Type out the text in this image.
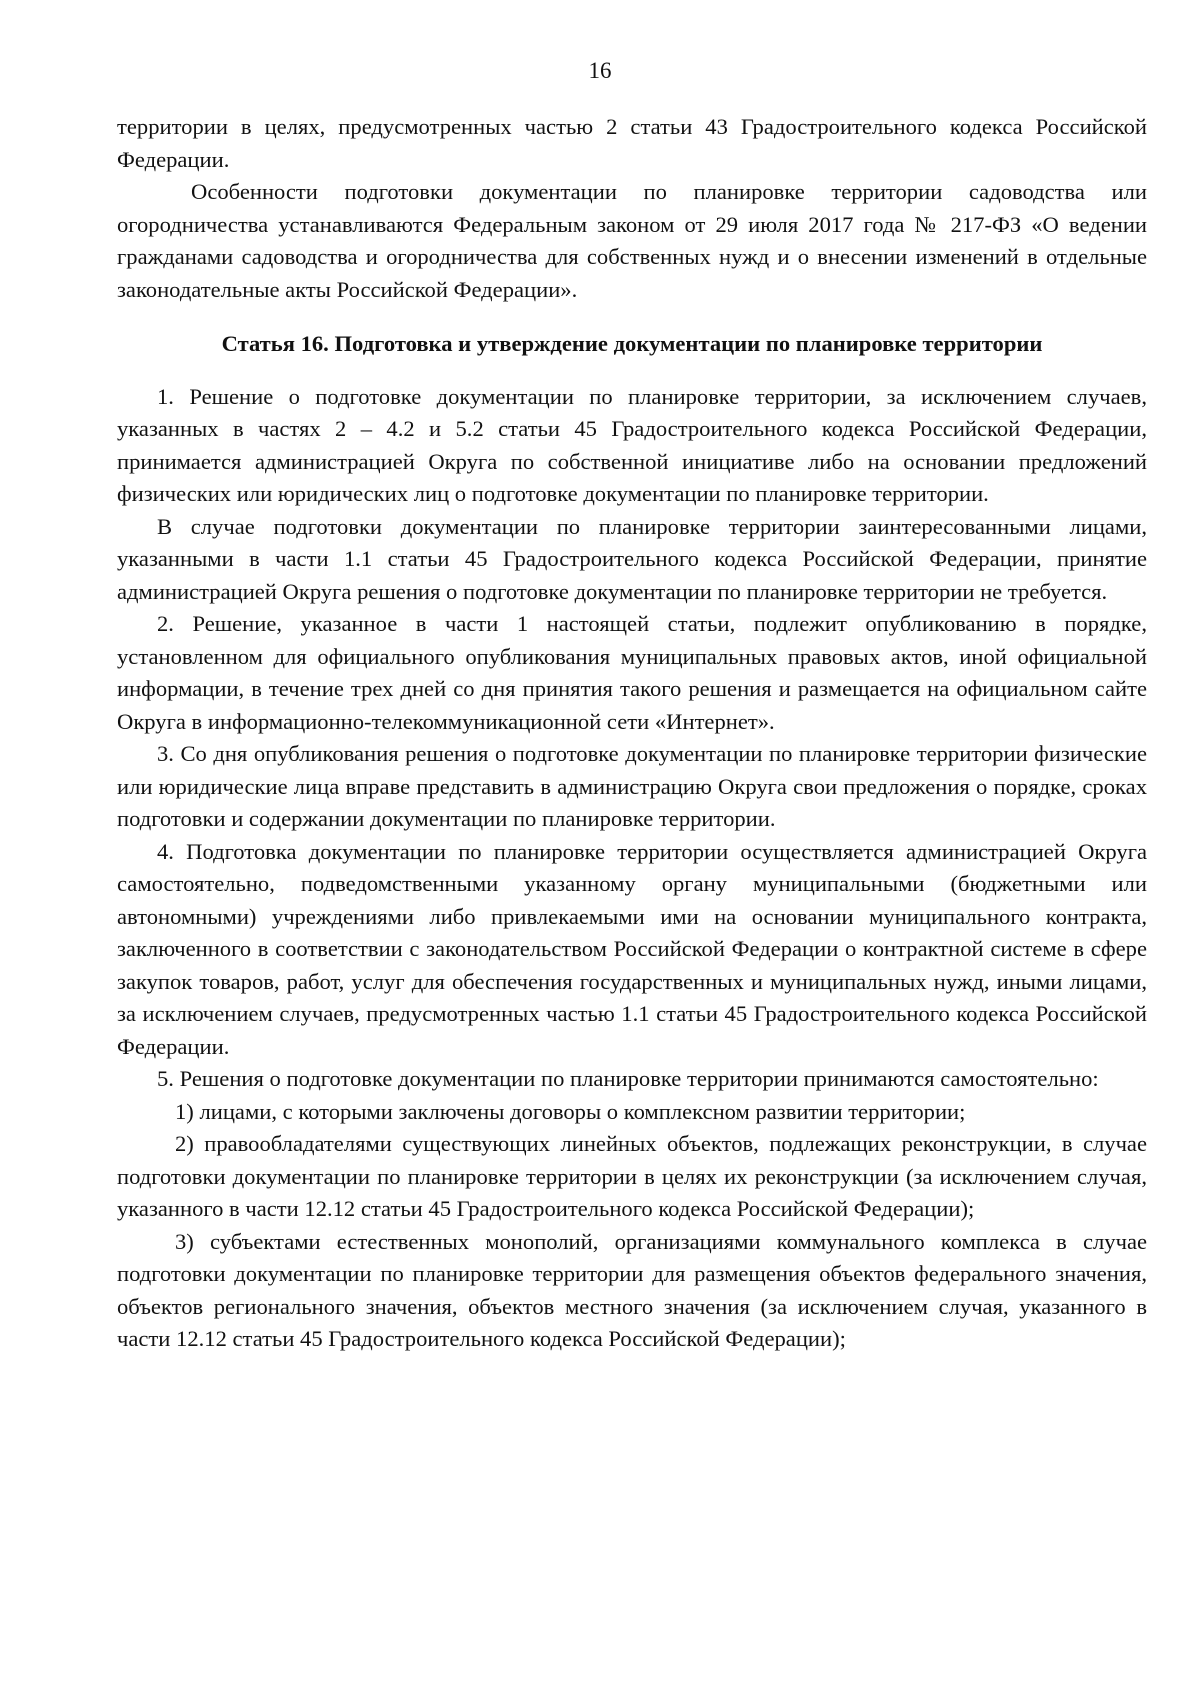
16

территории в целях, предусмотренных частью 2 статьи 43 Градостроительного кодекса Российской Федерации.

Особенности подготовки документации по планировке территории садоводства или огородничества устанавливаются Федеральным законом от 29 июля 2017 года № 217-ФЗ «О ведении гражданами садоводства и огородничества для собственных нужд и о внесении изменений в отдельные законодательные акты Российской Федерации».

Статья 16. Подготовка и утверждение документации по планировке территории

1. Решение о подготовке документации по планировке территории, за исключением случаев, указанных в частях 2 – 4.2 и 5.2 статьи 45 Градостроительного кодекса Российской Федерации, принимается администрацией Округа по собственной инициативе либо на основании предложений физических или юридических лиц о подготовке документации по планировке территории.

В случае подготовки документации по планировке территории заинтересованными лицами, указанными в части 1.1 статьи 45 Градостроительного кодекса Российской Федерации, принятие администрацией Округа решения о подготовке документации по планировке территории не требуется.

2. Решение, указанное в части 1 настоящей статьи, подлежит опубликованию в порядке, установленном для официального опубликования муниципальных правовых актов, иной официальной информации, в течение трех дней со дня принятия такого решения и размещается на официальном сайте Округа в информационно-телекоммуникационной сети «Интернет».

3. Со дня опубликования решения о подготовке документации по планировке территории физические или юридические лица вправе представить в администрацию Округа свои предложения о порядке, сроках подготовки и содержании документации по планировке территории.

4. Подготовка документации по планировке территории осуществляется администрацией Округа самостоятельно, подведомственными указанному органу муниципальными (бюджетными или автономными) учреждениями либо привлекаемыми ими на основании муниципального контракта, заключенного в соответствии с законодательством Российской Федерации о контрактной системе в сфере закупок товаров, работ, услуг для обеспечения государственных и муниципальных нужд, иными лицами, за исключением случаев, предусмотренных частью 1.1 статьи 45 Градостроительного кодекса Российской Федерации.

5. Решения о подготовке документации по планировке территории принимаются самостоятельно:

1) лицами, с которыми заключены договоры о комплексном развитии территории;

2) правообладателями существующих линейных объектов, подлежащих реконструкции, в случае подготовки документации по планировке территории в целях их реконструкции (за исключением случая, указанного в части 12.12 статьи 45 Градостроительного кодекса Российской Федерации);

3) субъектами естественных монополий, организациями коммунального комплекса в случае подготовки документации по планировке территории для размещения объектов федерального значения, объектов регионального значения, объектов местного значения (за исключением случая, указанного в части 12.12 статьи 45 Градостроительного кодекса Российской Федерации);
